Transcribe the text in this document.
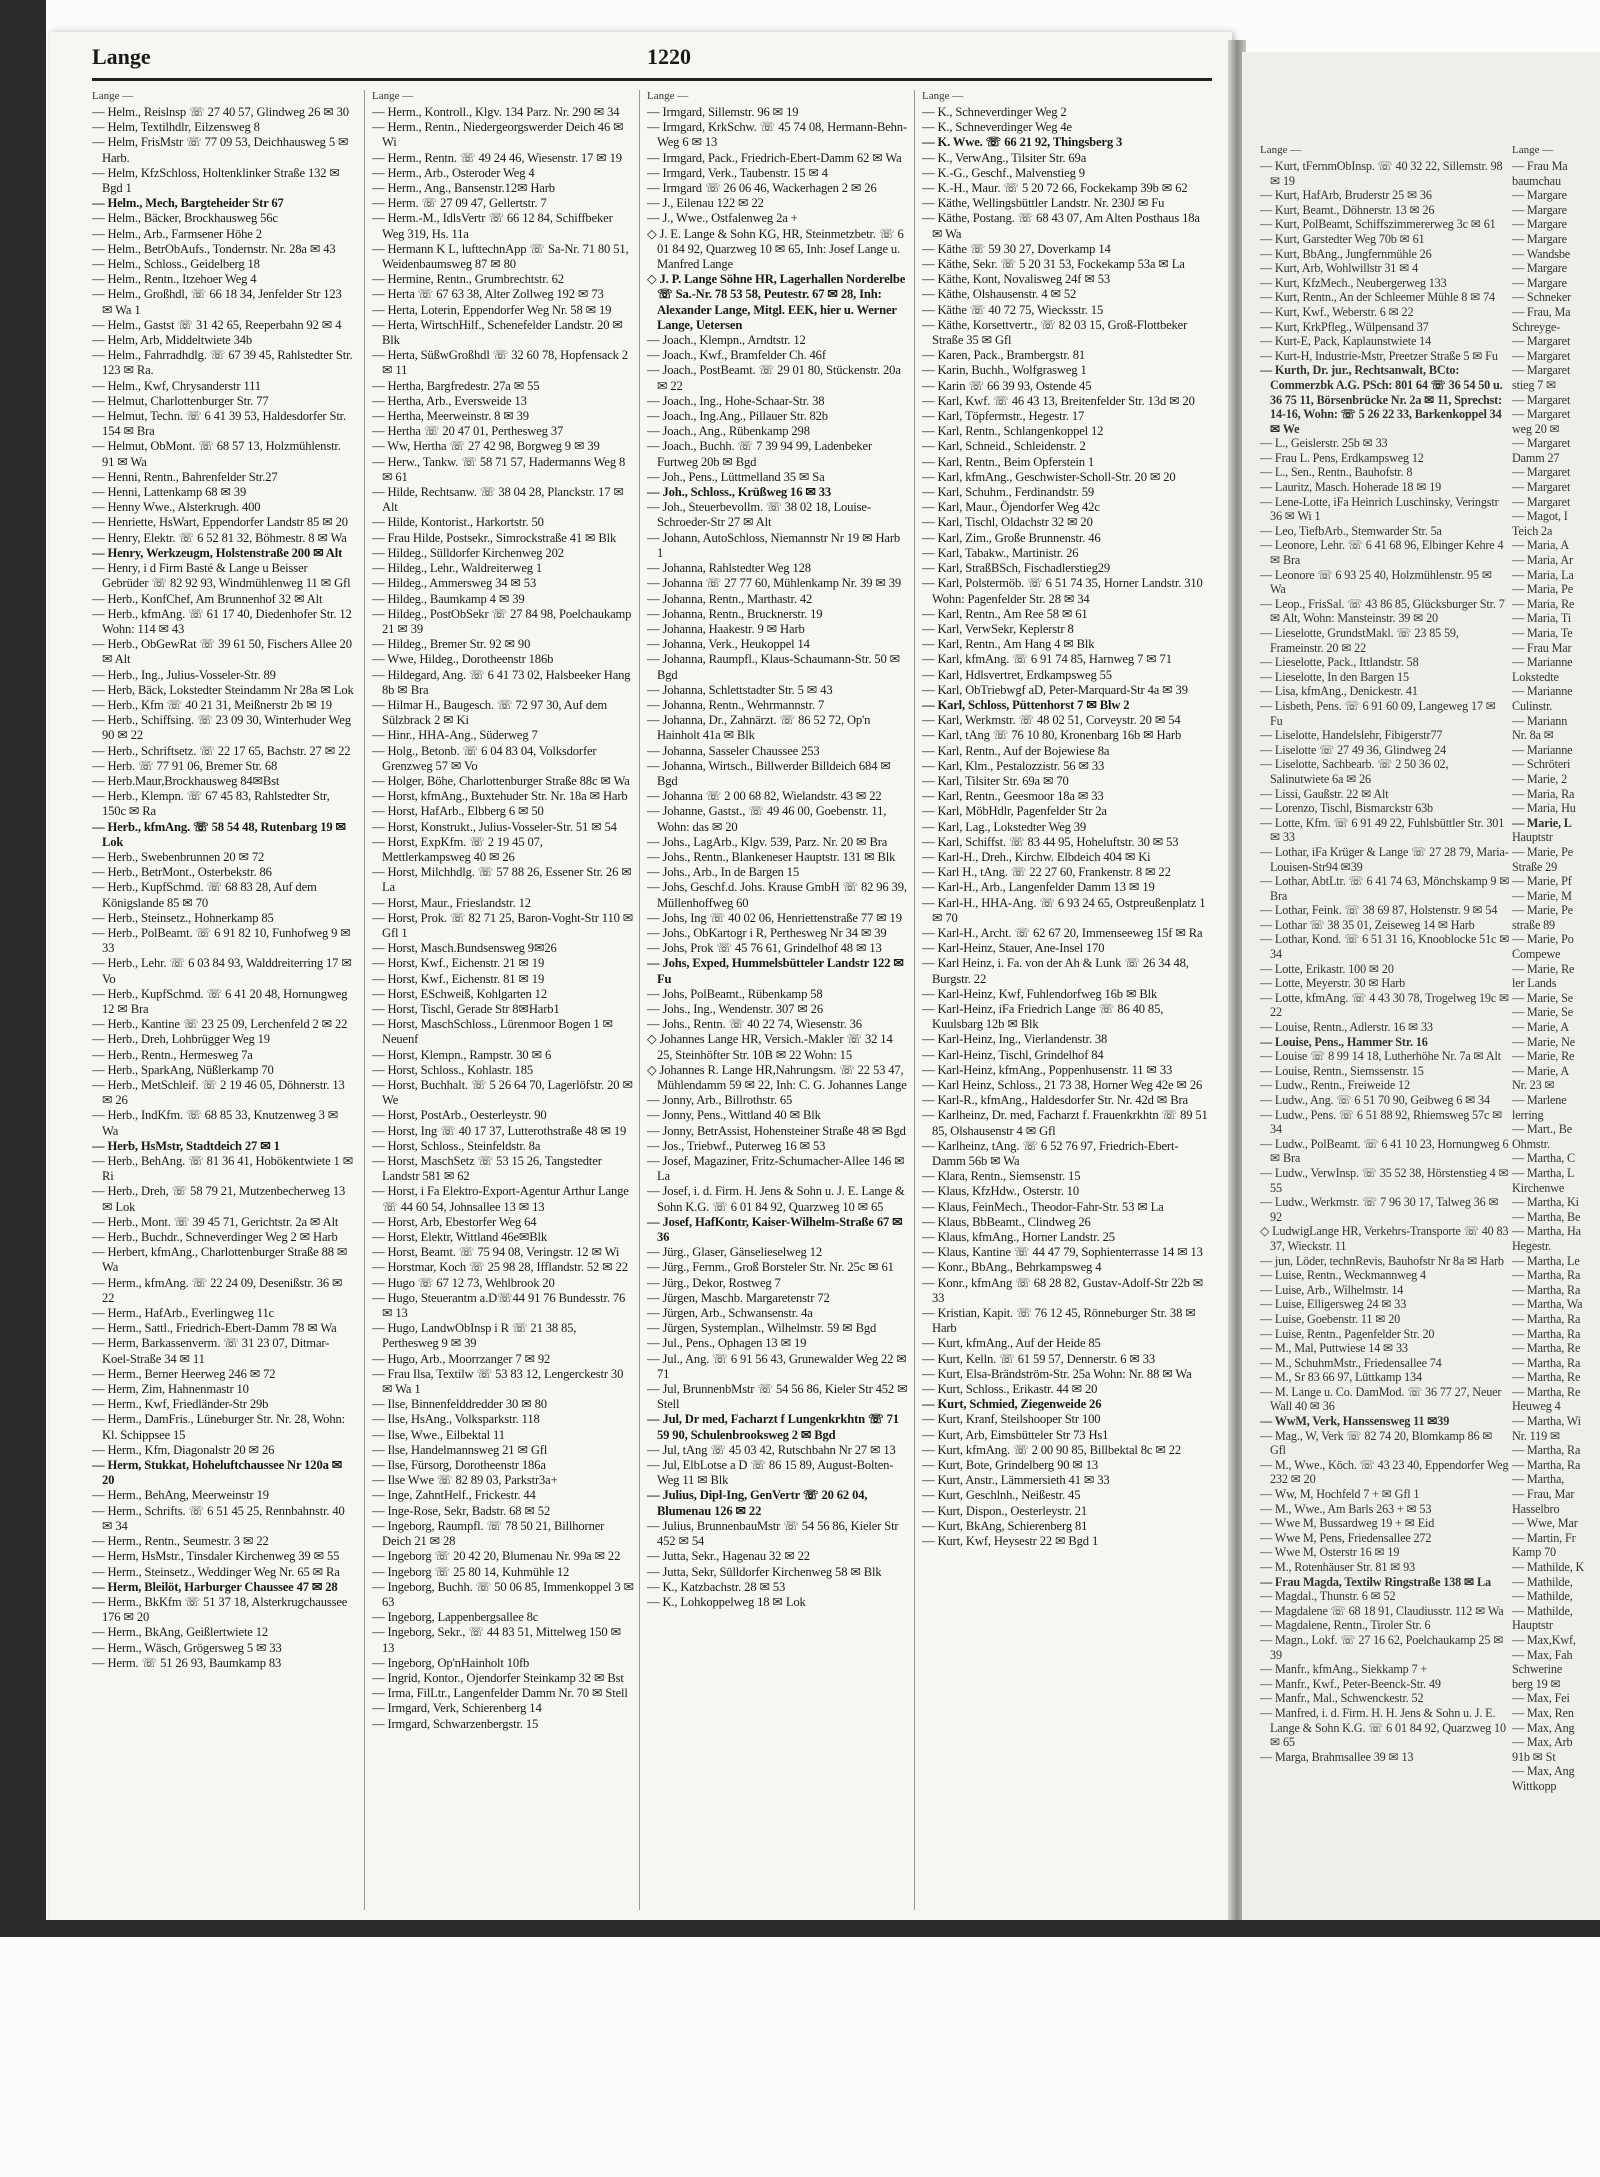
Lange —

— Kurt, tFernmObInsp. ☏ 40 32 22, Sillemstr. 98 ✉ 19

— Kurt, HafArb, Bruderstr 25 ✉ 36

— Kurt, Beamt., Döhnerstr. 13 ✉ 26

— Kurt, PolBeamt, Schiffszimmererweg 3c ✉ 61

— Kurt, Garstedter Weg 70b ✉ 61

— Kurt, BbAng., Jungfernmühle 26

— Kurt, Arb, Wohlwillstr 31 ✉ 4

— Kurt, KfzMech., Neubergerweg 133

— Kurt, Rentn., An der Schleemer Mühle 8 ✉ 74

— Kurt, Kwf., Weberstr. 6 ✉ 22

— Kurt, KrkPfleg., Wülpensand 37

— Kurt-E, Pack, Kaplaunstwiete 14

— Kurt-H, Industrie-Mstr, Preetzer Straße 5 ✉ Fu

— Kurth, Dr. jur., Rechtsanwalt, BCto: Commerzbk A.G. PSch: 801 64 ☏ 36 54 50 u. 36 75 11, Börsenbrücke Nr. 2a ✉ 11, Sprechst: 14-16, Wohn: ☏ 5 26 22 33, Barkenkoppel 34 ✉ We

— L., Geislerstr. 25b ✉ 33

— Frau L. Pens, Erdkampsweg 12

— L., Sen., Rentn., Bauhofstr. 8

— Lauritz, Masch. Hoherade 18 ✉ 19

— Lene-Lotte, iFa Heinrich Luschinsky, Veringstr 36 ✉ Wi 1

— Leo, TiefbArb., Stemwarder Str. 5a

— Leonore, Lehr. ☏ 6 41 68 96, Elbinger Kehre 4 ✉ Bra

— Leonore ☏ 6 93 25 40, Holzmühlenstr. 95 ✉ Wa

— Leop., FrisSal. ☏ 43 86 85, Glücksburger Str. 7 ✉ Alt, Wohn: Mansteinstr. 39 ✉ 20

— Lieselotte, GrundstMakl. ☏ 23 85 59, Frameinstr. 20 ✉ 22

— Lieselotte, Pack., Ittlandstr. 58

— Lieselotte, In den Bargen 15

— Lisa, kfmAng., Denickestr. 41

— Lisbeth, Pens. ☏ 6 91 60 09, Langeweg 17 ✉ Fu

— Liselotte, Handelslehr, Fibigerstr77

— Liselotte ☏ 27 49 36, Glindweg 24

— Liselotte, Sachbearb. ☏ 2 50 36 02, Salinutwiete 6a ✉ 26

— Lissi, Gaußstr. 22 ✉ Alt

— Lorenzo, Tischl, Bismarckstr 63b

— Lotte, Kfm. ☏ 6 91 49 22, Fuhlsbüttler Str. 301 ✉ 33

— Lothar, iFa Krüger & Lange ☏ 27 28 79, Maria-Louisen-Str94 ✉39

— Lothar, AbtLtr. ☏ 6 41 74 63, Mönchskamp 9 ✉ Bra

— Lothar, Feink. ☏ 38 69 87, Holstenstr. 9 ✉ 54

— Lothar ☏ 38 35 01, Zeiseweg 14 ✉ Harb

— Lothar, Kond. ☏ 6 51 31 16, Knooblocke 51c ✉ 34

— Lotte, Erikastr. 100 ✉ 20

— Lotte, Meyerstr. 30 ✉ Harb

— Lotte, kfmAng. ☏ 4 43 30 78, Trogelweg 19c ✉ 22

— Louise, Rentn., Adlerstr. 16 ✉ 33

— Louise, Pens., Hammer Str. 16

— Louise ☏ 8 99 14 18, Lutherhöhe Nr. 7a ✉ Alt

— Louise, Rentn., Siemssenstr. 15

— Ludw., Rentn., Freiweide 12

— Ludw., Ang. ☏ 6 51 70 90, Geibweg 6 ✉ 34

— Ludw., Pens. ☏ 6 51 88 92, Rhiemsweg 57c ✉ 34

— Ludw., PolBeamt. ☏ 6 41 10 23, Hornungweg 6 ✉ Bra

— Ludw., VerwInsp. ☏ 35 52 38, Hörstenstieg 4 ✉ 55

— Ludw., Werkmstr. ☏ 7 96 30 17, Talweg 36 ✉ 92

◇ LudwigLange HR, Verkehrs-Transporte ☏ 40 83 37, Wieckstr. 11

— jun, Löder, technRevis, Bauhofstr Nr 8a ✉ Harb

— Luise, Rentn., Weckmannweg 4

— Luise, Arb., Wilhelmstr. 14

— Luise, Elligersweg 24 ✉ 33

— Luise, Goebenstr. 11 ✉ 20

— Luise, Rentn., Pagenfelder Str. 20

— M., Mal, Puttwiese 14 ✉ 33

— M., SchuhmMstr., Friedensallee 74

— M., Sr 83 66 97, Lüttkamp 134

— M. Lange u. Co. DamMod. ☏ 36 77 27, Neuer Wall 40 ✉ 36

— WwM, Verk, Hanssensweg 11 ✉39

— Mag., W, Verk ☏ 82 74 20, Blomkamp 86 ✉ Gfl

— M., Wwe., Köch. ☏ 43 23 40, Eppendorfer Weg 232 ✉ 20

— Ww, M, Hochfeld 7 + ✉ Gfl 1

— M., Wwe., Am Barls 263 + ✉ 53

— Wwe M, Bussardweg 19 + ✉ Eid

— Wwe M, Pens, Friedensallee 272

— Wwe M, Osterstr 16 ✉ 19

— M., Rotenhäuser Str. 81 ✉ 93

— Frau Magda, Textilw Ringstraße 138 ✉ La

— Magdal., Thunstr. 6 ✉ 52

— Magdalene ☏ 68 18 91, Claudiusstr. 112 ✉ Wa

— Magdalene, Rentn., Tiroler Str. 6

— Magn., Lokf. ☏ 27 16 62, Poelchaukamp 25 ✉ 39

— Manfr., kfmAng., Siekkamp 7 +

— Manfr., Kwf., Peter-Beenck-Str. 49

— Manfr., Mal., Schwenckestr. 52

— Manfred, i. d. Firm. H. H. Jens & Sohn u. J. E. Lange & Sohn K.G. ☏ 6 01 84 92, Quarzweg 10 ✉ 65

— Marga, Brahmsallee 39 ✉ 13

Lange —

— Frau Ma

baumchau

— Margare

— Margare

— Margare

— Margare

— Wandsbe

— Margare

— Margare

— Schneker

— Frau, Ma

Schreyge-

— Margaret

— Margaret

— Margaret

stieg 7 ✉

— Margaret

— Margaret

weg 20 ✉

— Margaret

Damm 27

— Margaret

— Margaret

— Margaret

— Magot, I

Teich 2a

— Maria, A

— Maria, Ar

— Maria, La

— Maria, Pe

— Maria, Re

— Maria, Ti

— Maria, Te

— Frau Mar

— Marianne

Lokstedte

— Marianne

Culinstr.

— Mariann

Nr. 8a ✉

— Marianne

— Schröteri

— Marie, 2

— Maria, Ra

— Maria, Hu

— Marie, L

Hauptstr

— Marie, Pe

Straße 29

— Marie, Pf

— Marie, M

— Marie, Pe

straße 89

— Marie, Po

Compewe

— Marie, Re

ler Lands

— Marie, Se

— Marie, Se

— Marie, A

— Marie, Ne

— Marie, Re

— Marie, A

Nr. 23 ✉

— Marlene

lerring

— Mart., Be

Ohmstr.

— Martha, C

— Martha, L

Kirchenwe

— Martha, Ki

— Martha, Be

— Martha, Ha

Hegestr.

— Martha, Le

— Martha, Ra

— Martha, Ra

— Martha, Wa

— Martha, Ra

— Martha, Ra

— Martha, Re

— Martha, Ra

— Martha, Re

— Martha, Re

Heuweg 4

— Martha, Wi

Nr. 119 ✉

— Martha, Ra

— Martha, Ra

— Martha,

— Frau, Mar

Hasselbro

— Wwe, Mar

— Martin, Fr

Kamp 70

— Mathilde, K

— Mathilde,

— Mathilde,

— Mathilde,

Hauptstr

— Max,Kwf,

— Max, Fah

Schwerine

berg 19 ✉

— Max, Fei

— Max, Ren

— Max, Ang

— Max, Arb

91b ✉ St

— Max, Ang

Wittkopp

Lange	1220
Lange —

— Helm., Reislnsp ☏ 27 40 57, Glindweg 26 ✉ 30

— Helm, Textilhdlr, Eilzensweg 8

— Helm, FrisMstr ☏ 77 09 53, Deichhausweg 5 ✉ Harb.

— Helm, KfzSchloss, Holtenklinker Straße 132 ✉ Bgd 1

— Helm., Mech, Bargteheider Str 67

— Helm., Bäcker, Brockhausweg 56c

— Helm., Arb., Farmsener Höhe 2

— Helm., BetrObAufs., Tondernstr. Nr. 28a ✉ 43

— Helm., Schloss., Geidelberg 18

— Helm., Rentn., Itzehoer Weg 4

— Helm., Großhdl, ☏ 66 18 34, Jenfelder Str 123 ✉ Wa 1

— Helm., Gastst ☏ 31 42 65, Reeperbahn 92 ✉ 4

— Helm, Arb, Middeltwiete 34b

— Helm., Fahrradhdlg. ☏ 67 39 45, Rahlstedter Str. 123 ✉ Ra.

— Helm., Kwf, Chrysanderstr 111

— Helmut, Charlottenburger Str. 77

— Helmut, Techn. ☏ 6 41 39 53, Haldesdorfer Str. 154 ✉ Bra

— Helmut, ObMont. ☏ 68 57 13, Holzmühlenstr. 91 ✉ Wa

— Henni, Rentn., Bahrenfelder Str.27

— Henni, Lattenkamp 68 ✉ 39

— Henny Wwe., Alsterkrugh. 400

— Henriette, HsWart, Eppendorfer Landstr 85 ✉ 20

— Henry, Elektr. ☏ 6 52 81 32, Böhmestr. 8 ✉ Wa

— Henry, Werkzeugm, Holstenstraße 200 ✉ Alt

— Henry, i d Firm Basté & Lange u Beisser Gebrüder ☏ 82 92 93, Windmühlenweg 11 ✉ Gfl

— Herb., KonfChef, Am Brunnenhof 32 ✉ Alt

— Herb., kfmAng. ☏ 61 17 40, Diedenhofer Str. 12 Wohn: 114 ✉ 43

— Herb., ObGewRat ☏ 39 61 50, Fischers Allee 20 ✉ Alt

— Herb., Ing., Julius-Vosseler-Str. 89

— Herb, Bäck, Lokstedter Steindamm Nr 28a ✉ Lok

— Herb., Kfm ☏ 40 21 31, Meißnerstr 2b ✉ 19

— Herb., Schiffsing. ☏ 23 09 30, Winterhuder Weg 90 ✉ 22

— Herb., Schriftsetz. ☏ 22 17 65, Bachstr. 27 ✉ 22

— Herb. ☏ 77 91 06, Bremer Str. 68

— Herb.Maur,Brockhausweg 84✉Bst

— Herb., Klempn. ☏ 67 45 83, Rahlstedter Str, 150c ✉ Ra

— Herb., kfmAng. ☏ 58 54 48, Rutenbarg 19 ✉ Lok

— Herb., Swebenbrunnen 20 ✉ 72

— Herb., BetrMont., Osterbekstr. 86

— Herb., KupfSchmd. ☏ 68 83 28, Auf dem Königslande 85 ✉ 70

— Herb., Steinsetz., Hohnerkamp 85

— Herb., PolBeamt. ☏ 6 91 82 10, Funhofweg 9 ✉ 33

— Herb., Lehr. ☏ 6 03 84 93, Walddreiterring 17 ✉ Vo

— Herb., KupfSchmd. ☏ 6 41 20 48, Hornungweg 12 ✉ Bra

— Herb., Kantine ☏ 23 25 09, Lerchenfeld 2 ✉ 22

— Herb., Dreh, Lohbrügger Weg 19

— Herb., Rentn., Hermesweg 7a

— Herb., SparkAng, Nüßlerkamp 70

— Herb., MetSchleif. ☏ 2 19 46 05, Döhnerstr. 13 ✉ 26

— Herb., IndKfm. ☏ 68 85 33, Knutzenweg 3 ✉ Wa

— Herb, HsMstr, Stadtdeich 27 ✉ 1

— Herb., BehAng. ☏ 81 36 41, Hobökentwiete 1 ✉ Ri

— Herb., Dreh, ☏ 58 79 21, Mutzenbecherweg 13 ✉ Lok

— Herb., Mont. ☏ 39 45 71, Gerichtstr. 2a ✉ Alt

— Herb., Buchdr., Schneverdinger Weg 2 ✉ Harb

— Herbert, kfmAng., Charlottenburger Straße 88 ✉ Wa

— Herm., kfmAng. ☏ 22 24 09, Desenißstr. 36 ✉ 22

— Herm., HafArb., Everlingweg 11c

— Herm., Sattl., Friedrich-Ebert-Damm 78 ✉ Wa

— Herm, Barkassenverm. ☏ 31 23 07, Ditmar-Koel-Straße 34 ✉ 11

— Herm., Berner Heerweg 246 ✉ 72

— Herm, Zim, Hahnenmastr 10

— Herm., Kwf, Friedländer-Str 29b

— Herm., DamFris., Lüneburger Str. Nr. 28, Wohn: Kl. Schippsee 15

— Herm., Kfm, Diagonalstr 20 ✉ 26

— Herm, Stukkat, Hoheluftchaussee Nr 120a ✉ 20

— Herm., BehAng, Meerweinstr 19

— Herm., Schrifts. ☏ 6 51 45 25, Rennbahnstr. 40 ✉ 34

— Herm., Rentn., Seumestr. 3 ✉ 22

— Herm, HsMstr., Tinsdaler Kirchenweg 39 ✉ 55

— Herm., Steinsetz., Weddinger Weg Nr. 65 ✉ Ra

— Herm, Bleilöt, Harburger Chaussee 47 ✉ 28

— Herm., BkKfm ☏ 51 37 18, Alsterkrugchaussee 176 ✉ 20

— Herm., BkAng, Geißlertwiete 12

— Herm., Wäsch, Grögersweg 5 ✉ 33

— Herm. ☏ 51 26 93, Baumkamp 83

Lange —

— Herm., Kontroll., Klgv. 134 Parz. Nr. 290 ✉ 34

— Herm., Rentn., Niedergeorgswerder Deich 46 ✉ Wi

— Herm., Rentn. ☏ 49 24 46, Wiesenstr. 17 ✉ 19

— Herm., Arb., Osteroder Weg 4

— Herm., Ang., Bansenstr.12✉ Harb

— Herm. ☏ 27 09 47, Gellertstr. 7

— Herm.-M., IdlsVertr ☏ 66 12 84, Schiffbeker Weg 319, Hs. 11a

— Hermann K L, lufttechnApp ☏ Sa-Nr. 71 80 51, Weidenbaumsweg 87 ✉ 80

— Hermine, Rentn., Grumbrechtstr. 62

— Herta ☏ 67 63 38, Alter Zollweg 192 ✉ 73

— Herta, Loterin, Eppendorfer Weg Nr. 58 ✉ 19

— Herta, WirtschHilf., Schenefelder Landstr. 20 ✉ Blk

— Herta, SüßwGroßhdl ☏ 32 60 78, Hopfensack 2 ✉ 11

— Hertha, Bargfredestr. 27a ✉ 55

— Hertha, Arb., Eversweide 13

— Hertha, Meerweinstr. 8 ✉ 39

— Hertha ☏ 20 47 01, Perthesweg 37

— Ww, Hertha ☏ 27 42 98, Borgweg 9 ✉ 39

— Herw., Tankw. ☏ 58 71 57, Hadermanns Weg 8 ✉ 61

— Hilde, Rechtsanw. ☏ 38 04 28, Planckstr. 17 ✉ Alt

— Hilde, Kontorist., Harkortstr. 50

— Frau Hilde, Postsekr., Simrockstraße 41 ✉ Blk

— Hildeg., Sülldorfer Kirchenweg 202

— Hildeg., Lehr., Waldreiterweg 1

— Hildeg., Ammersweg 34 ✉ 53

— Hildeg., Baumkamp 4 ✉ 39

— Hildeg., PostObSekr ☏ 27 84 98, Poelchaukamp 21 ✉ 39

— Hildeg., Bremer Str. 92 ✉ 90

— Wwe, Hildeg., Dorotheenstr 186b

— Hildegard, Ang. ☏ 6 41 73 02, Halsbeeker Hang 8b ✉ Bra

— Hilmar H., Baugesch. ☏ 72 97 30, Auf dem Sülzbrack 2 ✉ Ki

— Hinr., HHA-Ang., Süderweg 7

— Holg., Betonb. ☏ 6 04 83 04, Volksdorfer Grenzweg 57 ✉ Vo

— Holger, Böhe, Charlottenburger Straße 88c ✉ Wa

— Horst, kfmAng., Buxtehuder Str. Nr. 18a ✉ Harb

— Horst, HafArb., Elbberg 6 ✉ 50

— Horst, Konstrukt., Julius-Vosseler-Str. 51 ✉ 54

— Horst, ExpKfm. ☏ 2 19 45 07, Mettlerkampsweg 40 ✉ 26

— Horst, Milchhdlg. ☏ 57 88 26, Essener Str. 26 ✉ La

— Horst, Maur., Frieslandstr. 12

— Horst, Prok. ☏ 82 71 25, Baron-Voght-Str 110 ✉ Gfl 1

— Horst, Masch.Bundsensweg 9✉26

— Horst, Kwf., Eichenstr. 21 ✉ 19

— Horst, Kwf., Eichenstr. 81 ✉ 19

— Horst, ESchweiß, Kohlgarten 12

— Horst, Tischl, Gerade Str 8✉Harb1

— Horst, MaschSchloss., Lürenmoor Bogen 1 ✉ Neuenf

— Horst, Klempn., Rampstr. 30 ✉ 6

— Horst, Schloss., Kohlastr. 185

— Horst, Buchhalt. ☏ 5 26 64 70, Lagerlöfstr. 20 ✉ We

— Horst, PostArb., Oesterleystr. 90

— Horst, Ing ☏ 40 17 37, Lutterothstraße 48 ✉ 19

— Horst, Schloss., Steinfeldstr. 8a

— Horst, MaschSetz ☏ 53 15 26, Tangstedter Landstr 581 ✉ 62

— Horst, i Fa Elektro-Export-Agentur Arthur Lange ☏ 44 60 54, Johnsallee 13 ✉ 13

— Horst, Arb, Ebestorfer Weg 64

— Horst, Elektr, Wittland 46e✉Blk

— Horst, Beamt. ☏ 75 94 08, Veringstr. 12 ✉ Wi

— Horstmar, Koch ☏ 25 98 28, Ifflandstr. 52 ✉ 22

— Hugo ☏ 67 12 73, Wehlbrook 20

— Hugo, Steuerantm a.D☏44 91 76 Bundesstr. 76 ✉ 13

— Hugo, LandwObInsp i R ☏ 21 38 85, Perthesweg 9 ✉ 39

— Hugo, Arb., Moorrzanger 7 ✉ 92

— Frau Ilsa, Textilw ☏ 53 83 12, Lengerckestr 30 ✉ Wa 1

— Ilse, Binnenfelddredder 30 ✉ 80

— Ilse, HsAng., Volksparkstr. 118

— Ilse, Wwe., Eilbektal 11

— Ilse, Handelmannsweg 21 ✉ Gfl

— Ilse, Fürsorg, Dorotheenstr 186a

— Ilse Wwe ☏ 82 89 03, Parkstr3a+

— Inge, ZahntHelf., Frickestr. 44

— Inge-Rose, Sekr, Badstr. 68 ✉ 52

— Ingeborg, Raumpfl. ☏ 78 50 21, Billhorner Deich 21 ✉ 28

— Ingeborg ☏ 20 42 20, Blumenau Nr. 99a ✉ 22

— Ingeborg ☏ 25 80 14, Kuhmühle 12

— Ingeborg, Buchh. ☏ 50 06 85, Immenkoppel 3 ✉ 63

— Ingeborg, Lappenbergsallee 8c

— Ingeborg, Sekr., ☏ 44 83 51, Mittelweg 150 ✉ 13

— Ingeborg, Op'nHainholt 10fb

— Ingrid, Kontor., Ojendorfer Steinkamp 32 ✉ Bst

— Irma, FilLtr., Langenfelder Damm Nr. 70 ✉ Stell

— Irmgard, Verk, Schierenberg 14

— Irmgard, Schwarzenbergstr. 15

Lange —

— Irmgard, Sillemstr. 96 ✉ 19

— Irmgard, KrkSchw. ☏ 45 74 08, Hermann-Behn-Weg 6 ✉ 13

— Irmgard, Pack., Friedrich-Ebert-Damm 62 ✉ Wa

— Irmgard, Verk., Taubenstr. 15 ✉ 4

— Irmgard ☏ 26 06 46, Wackerhagen 2 ✉ 26

— J., Eilenau 122 ✉ 22

— J., Wwe., Ostfalenweg 2a +

◇ J. E. Lange & Sohn KG, HR, Steinmetzbetr. ☏ 6 01 84 92, Quarzweg 10 ✉ 65, Inh: Josef Lange u. Manfred Lange

◇ J. P. Lange Söhne HR, Lagerhallen Norderelbe ☏ Sa.-Nr. 78 53 58, Peutestr. 67 ✉ 28, Inh: Alexander Lange, Mitgl. EEK, hier u. Werner Lange, Uetersen

— Joach., Klempn., Arndtstr. 12

— Joach., Kwf., Bramfelder Ch. 46f

— Joach., PostBeamt. ☏ 29 01 80, Stückenstr. 20a ✉ 22

— Joach., Ing., Hohe-Schaar-Str. 38

— Joach., Ing.Ang., Pillauer Str. 82b

— Joach., Ang., Rübenkamp 298

— Joach., Buchh. ☏ 7 39 94 99, Ladenbeker Furtweg 20b ✉ Bgd

— Joh., Pens., Lüttmelland 35 ✉ Sa

— Joh., Schloss., Krüßweg 16 ✉ 33

— Joh., Steuerbevollm. ☏ 38 02 18, Louise-Schroeder-Str 27 ✉ Alt

— Johann, AutoSchloss, Niemannstr Nr 19 ✉ Harb 1

— Johanna, Rahlstedter Weg 128

— Johanna ☏ 27 77 60, Mühlenkamp Nr. 39 ✉ 39

— Johanna, Rentn., Marthastr. 42

— Johanna, Rentn., Brucknerstr. 19

— Johanna, Haakestr. 9 ✉ Harb

— Johanna, Verk., Heukoppel 14

— Johanna, Raumpfl., Klaus-Schaumann-Str. 50 ✉ Bgd

— Johanna, Schlettstadter Str. 5 ✉ 43

— Johanna, Rentn., Wehrmannstr. 7

— Johanna, Dr., Zahnärzt. ☏ 86 52 72, Op'n Hainholt 41a ✉ Blk

— Johanna, Sasseler Chaussee 253

— Johanna, Wirtsch., Billwerder Billdeich 684 ✉ Bgd

— Johanna ☏ 2 00 68 82, Wielandstr. 43 ✉ 22

— Johanne, Gastst., ☏ 49 46 00, Goebenstr. 11, Wohn: das ✉ 20

— Johs., LagArb., Klgv. 539, Parz. Nr. 20 ✉ Bra

— Johs., Rentn., Blankeneser Hauptstr. 131 ✉ Blk

— Johs., Arb., In de Bargen 15

— Johs, Geschf.d. Johs. Krause GmbH ☏ 82 96 39, Müllenhoffweg 60

— Johs, Ing ☏ 40 02 06, Henriettenstraße 77 ✉ 19

— Johs., ObKartogr i R, Perthesweg Nr 34 ✉ 39

— Johs, Prok ☏ 45 76 61, Grindelhof 48 ✉ 13

— Johs, Exped, Hummelsbütteler Landstr 122 ✉ Fu

— Johs, PolBeamt., Rübenkamp 58

— Johs., Ing., Wendenstr. 307 ✉ 26

— Johs., Rentn. ☏ 40 22 74, Wiesenstr. 36

◇ Johannes Lange HR, Versich.-Makler ☏ 32 14 25, Steinhöfter Str. 10B ✉ 22 Wohn: 15

◇ Johannes R. Lange HR,Nahrungsm. ☏ 22 53 47, Mühlendamm 59 ✉ 22, Inh: C. G. Johannes Lange

— Jonny, Arb., Billrothstr. 65

— Jonny, Pens., Wittland 40 ✉ Blk

— Jonny, BetrAssist, Hohensteiner Straße 48 ✉ Bgd

— Jos., Triebwf., Puterweg 16 ✉ 53

— Josef, Magaziner, Fritz-Schumacher-Allee 146 ✉ La

— Josef, i. d. Firm. H. Jens & Sohn u. J. E. Lange & Sohn K.G. ☏ 6 01 84 92, Quarzweg 10 ✉ 65

— Josef, HafKontr, Kaiser-Wilhelm-Straße 67 ✉ 36

— Jürg., Glaser, Gänselieselweg 12

— Jürg., Fernm., Groß Borsteler Str. Nr. 25c ✉ 61

— Jürg., Dekor, Rostweg 7

— Jürgen, Maschb. Margaretenstr 72

— Jürgen, Arb., Schwansenstr. 4a

— Jürgen, Systemplan., Wilhelmstr. 59 ✉ Bgd

— Jul., Pens., Ophagen 13 ✉ 19

— Jul., Ang. ☏ 6 91 56 43, Grunewalder Weg 22 ✉ 71

— Jul, BrunnenbMstr ☏ 54 56 86, Kieler Str 452 ✉ Stell

— Jul, Dr med, Facharzt f Lungenkrkhtn ☏ 71 59 90, Schulenbrooksweg 2 ✉ Bgd

— Jul, tAng ☏ 45 03 42, Rutschbahn Nr 27 ✉ 13

— Jul, ElbLotse a D ☏ 86 15 89, August-Bolten-Weg 11 ✉ Blk

— Julius, Dipl-Ing, GenVertr ☏ 20 62 04, Blumenau 126 ✉ 22

— Julius, BrunnenbauMstr ☏ 54 56 86, Kieler Str 452 ✉ 54

— Jutta, Sekr., Hagenau 32 ✉ 22

— Jutta, Sekr, Sülldorfer Kirchenweg 58 ✉ Blk

— K., Katzbachstr. 28 ✉ 53

— K., Lohkoppelweg 18 ✉ Lok

Lange —

— K., Schneverdinger Weg 2

— K., Schneverdinger Weg 4e

— K. Wwe. ☏ 66 21 92, Thingsberg 3

— K., VerwAng., Tilsiter Str. 69a

— K.-G., Geschf., Malvenstieg 9

— K.-H., Maur. ☏ 5 20 72 66, Fockekamp 39b ✉ 62

— Käthe, Wellingsbüttler Landstr. Nr. 230J ✉ Fu

— Käthe, Postang. ☏ 68 43 07, Am Alten Posthaus 18a ✉ Wa

— Käthe ☏ 59 30 27, Doverkamp 14

— Käthe, Sekr. ☏ 5 20 31 53, Fockekamp 53a ✉ La

— Käthe, Kont, Novalisweg 24f ✉ 53

— Käthe, Olshausenstr. 4 ✉ 52

— Käthe ☏ 40 72 75, Wiecksstr. 15

— Käthe, Korsettvertr., ☏ 82 03 15, Groß-Flottbeker Straße 35 ✉ Gfl

— Karen, Pack., Brambergstr. 81

— Karin, Buchh., Wolfgrasweg 1

— Karin ☏ 66 39 93, Ostende 45

— Karl, Kwf. ☏ 46 43 13, Breitenfelder Str. 13d ✉ 20

— Karl, Töpfermstr., Hegestr. 17

— Karl, Rentn., Schlangenkoppel 12

— Karl, Schneid., Schleidenstr. 2

— Karl, Rentn., Beim Opferstein 1

— Karl, kfmAng., Geschwister-Scholl-Str. 20 ✉ 20

— Karl, Schuhm., Ferdinandstr. 59

— Karl, Maur., Öjendorfer Weg 42c

— Karl, Tischl, Oldachstr 32 ✉ 20

— Karl, Zim., Große Brunnenstr. 46

— Karl, Tabakw., Martinistr. 26

— Karl, StraßBSch, Fischadlerstieg29

— Karl, Polstermöb. ☏ 6 51 74 35, Horner Landstr. 310 Wohn: Pagenfelder Str. 28 ✉ 34

— Karl, Rentn., Am Ree 58 ✉ 61

— Karl, VerwSekr, Keplerstr 8

— Karl, Rentn., Am Hang 4 ✉ Blk

— Karl, kfmAng. ☏ 6 91 74 85, Harnweg 7 ✉ 71

— Karl, Hdlsvertret, Erdkampsweg 55

— Karl, ObTriebwgf aD, Peter-Marquard-Str 4a ✉ 39

— Karl, Schloss, Püttenhorst 7 ✉ Blw 2

— Karl, Werkmstr. ☏ 48 02 51, Corveystr. 20 ✉ 54

— Karl, tAng ☏ 76 10 80, Kronenbarg 16b ✉ Harb

— Karl, Rentn., Auf der Bojewiese 8a

— Karl, Klm., Pestalozzistr. 56 ✉ 33

— Karl, Tilsiter Str. 69a ✉ 70

— Karl, Rentn., Geesmoor 18a ✉ 33

— Karl, MöbHdlr, Pagenfelder Str 2a

— Karl, Lag., Lokstedter Weg 39

— Karl, Schiffst. ☏ 83 44 95, Hoheluftstr. 30 ✉ 53

— Karl-H., Dreh., Kirchw. Elbdeich 404 ✉ Ki

— Karl H., tAng. ☏ 22 27 60, Frankenstr. 8 ✉ 22

— Karl-H., Arb., Langenfelder Damm 13 ✉ 19

— Karl-H., HHA-Ang. ☏ 6 93 24 65, Ostpreußenplatz 1 ✉ 70

— Karl-H., Archt. ☏ 62 67 20, Immenseeweg 15f ✉ Ra

— Karl-Heinz, Stauer, Ane-Insel 170

— Karl Heinz, i. Fa. von der Ah & Lunk ☏ 26 34 48, Burgstr. 22

— Karl-Heinz, Kwf, Fuhlendorfweg 16b ✉ Blk

— Karl-Heinz, iFa Friedrich Lange ☏ 86 40 85, Kuulsbarg 12b ✉ Blk

— Karl-Heinz, Ing., Vierlandenstr. 38

— Karl-Heinz, Tischl, Grindelhof 84

— Karl-Heinz, kfmAng., Poppenhusenstr. 11 ✉ 33

— Karl Heinz, Schloss., 21 73 38, Horner Weg 42e ✉ 26

— Karl-R., kfmAng., Haldesdorfer Str. Nr. 42d ✉ Bra

— Karlheinz, Dr. med, Facharzt f. Frauenkrkhtn ☏ 89 51 85, Olshausenstr 4 ✉ Gfl

— Karlheinz, tAng. ☏ 6 52 76 97, Friedrich-Ebert-Damm 56b ✉ Wa

— Klara, Rentn., Siemsenstr. 15

— Klaus, KfzHdw., Osterstr. 10

— Klaus, FeinMech., Theodor-Fahr-Str. 53 ✉ La

— Klaus, BbBeamt., Clindweg 26

— Klaus, kfmAng., Horner Landstr. 25

— Klaus, Kantine ☏ 44 47 79, Sophienterrasse 14 ✉ 13

— Konr., BbAng., Behrkampsweg 4

— Konr., kfmAng ☏ 68 28 82, Gustav-Adolf-Str 22b ✉ 33

— Kristian, Kapit. ☏ 76 12 45, Rönneburger Str. 38 ✉ Harb

— Kurt, kfmAng., Auf der Heide 85

— Kurt, Kelln. ☏ 61 59 57, Dennerstr. 6 ✉ 33

— Kurt, Elsa-Brändström-Str. 25a Wohn: Nr. 88 ✉ Wa

— Kurt, Schloss., Erikastr. 44 ✉ 20

— Kurt, Schmied, Ziegenweide 26

— Kurt, Kranf, Steilshooper Str 100

— Kurt, Arb, Eimsbütteler Str 73 Hs1

— Kurt, kfmAng. ☏ 2 00 90 85, Billbektal 8c ✉ 22

— Kurt, Bote, Grindelberg 90 ✉ 13

— Kurt, Anstr., Lämmersieth 41 ✉ 33

— Kurt, Geschlnh., Neißestr. 45

— Kurt, Dispon., Oesterleystr. 21

— Kurt, BkAng, Schierenberg 81

— Kurt, Kwf, Heysestr 22 ✉ Bgd 1
